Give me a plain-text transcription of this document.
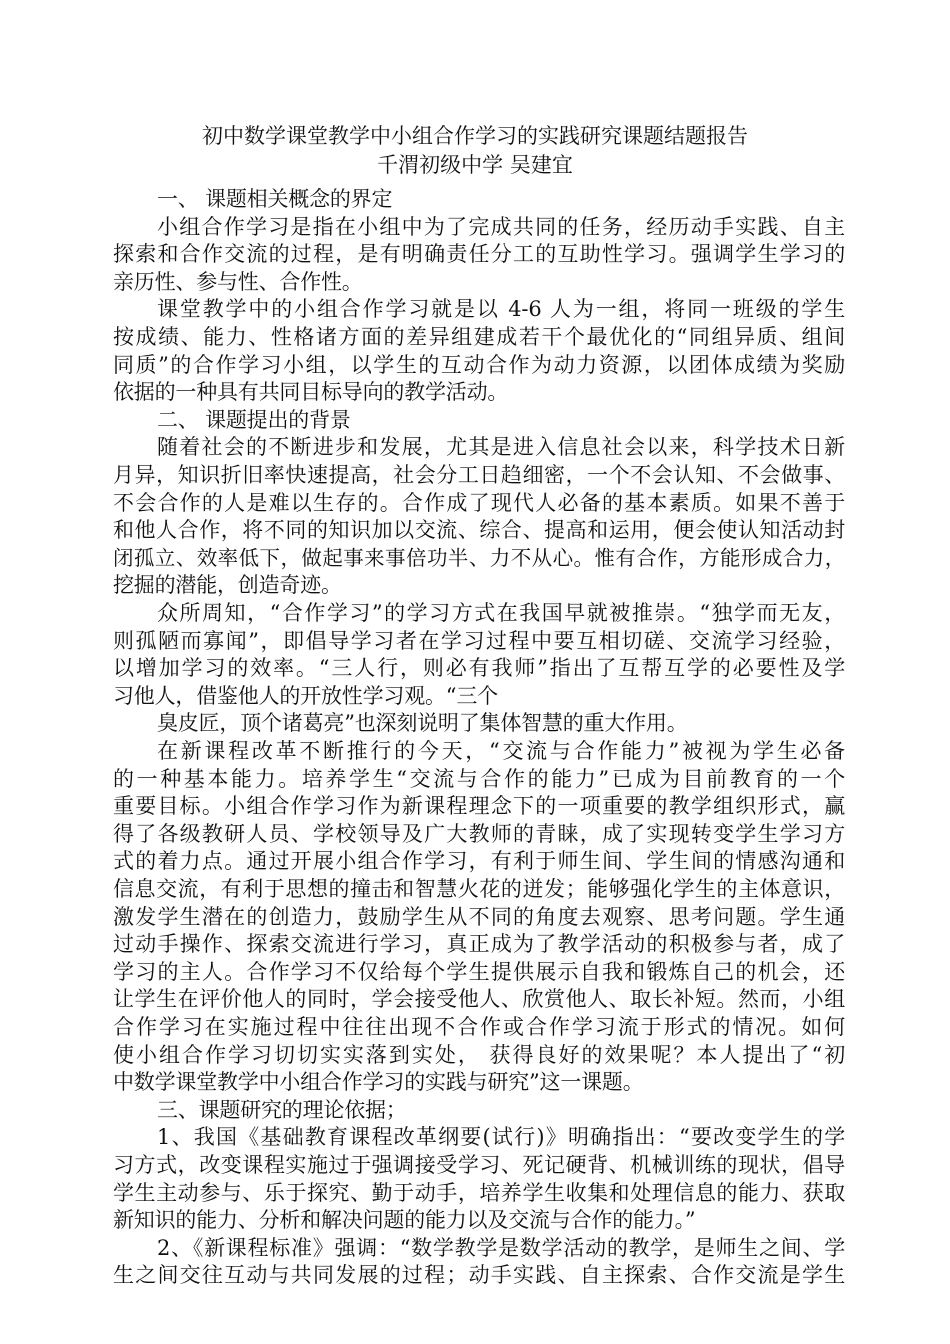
初中数学课堂教学中小组合作学习的实践研究课题结题报告
千渭初级中学 吴建宜
一、 课题相关概念的界定
小组合作学习是指在小组中为了完成共同的任务，经历动手实践、自主
探索和合作交流的过程，是有明确责任分工的互助性学习。强调学生学习的
亲历性、参与性、合作性。
课堂教学中的小组合作学习就是以 4-6 人为一组，将同一班级的学生
按成绩、能力、性格诸方面的差异组建成若干个最优化的“同组异质、组间
同质”的合作学习小组，以学生的互动合作为动力资源，以团体成绩为奖励
依据的一种具有共同目标导向的教学活动。
二、 课题提出的背景
随着社会的不断进步和发展，尤其是进入信息社会以来，科学技术日新
月异，知识折旧率快速提高，社会分工日趋细密，一个不会认知、不会做事、
不会合作的人是难以生存的。合作成了现代人必备的基本素质。如果不善于
和他人合作，将不同的知识加以交流、综合、提高和运用，便会使认知活动封
闭孤立、效率低下，做起事来事倍功半、力不从心。惟有合作，方能形成合力，
挖掘的潜能，创造奇迹。
众所周知，“合作学习”的学习方式在我国早就被推崇。“独学而无友，
则孤陋而寡闻”，即倡导学习者在学习过程中要互相切磋、交流学习经验，
以增加学习的效率。“三人行，则必有我师”指出了互帮互学的必要性及学
习他人，借鉴他人的开放性学习观。“三个
臭皮匠，顶个诸葛亮”也深刻说明了集体智慧的重大作用。
在新课程改革不断推行的今天，“交流与合作能力”被视为学生必备
的一种基本能力。培养学生“交流与合作的能力”已成为目前教育的一个
重要目标。小组合作学习作为新课程理念下的一项重要的教学组织形式，赢
得了各级教研人员、学校领导及广大教师的青睐，成了实现转变学生学习方
式的着力点。通过开展小组合作学习，有利于师生间、学生间的情感沟通和
信息交流，有利于思想的撞击和智慧火花的迸发；能够强化学生的主体意识，
激发学生潜在的创造力，鼓励学生从不同的角度去观察、思考问题。学生通
过动手操作、探索交流进行学习，真正成为了教学活动的积极参与者，成了
学习的主人。合作学习不仅给每个学生提供展示自我和锻炼自己的机会，还
让学生在评价他人的同时，学会接受他人、欣赏他人、取长补短。然而，小组
合作学习在实施过程中往往出现不合作或合作学习流于形式的情况。如何
使小组合作学习切切实实落到实处， 获得良好的效果呢？本人提出了“初
中数学课堂教学中小组合作学习的实践与研究”这一课题。
三、课题研究的理论依据；
1、我国《基础教育课程改革纲要(试行)》明确指出：“要改变学生的学
习方式，改变课程实施过于强调接受学习、死记硬背、机械训练的现状，倡导
学生主动参与、乐于探究、勤于动手，培养学生收集和处理信息的能力、获取
新知识的能力、分析和解决问题的能力以及交流与合作的能力。”
2、《新课程标准》强调：“数学教学是数学活动的教学，是师生之间、学
生之间交往互动与共同发展的过程；动手实践、自主探索、合作交流是学生
